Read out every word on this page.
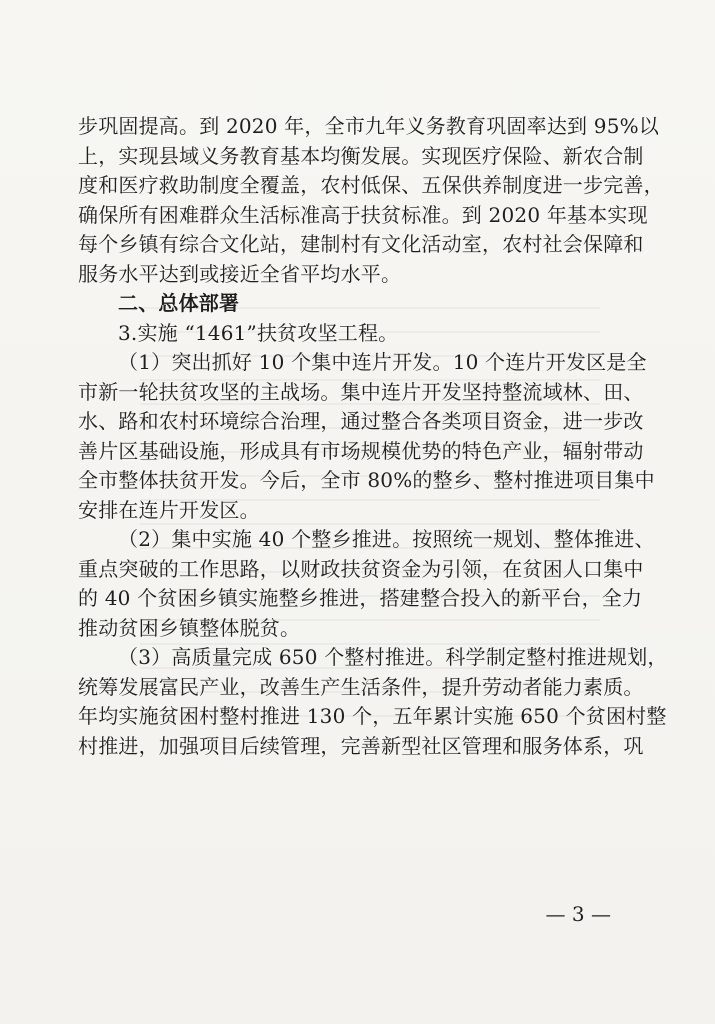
步巩固提高。到 2020 年，全市九年义务教育巩固率达到 95%以
上，实现县域义务教育基本均衡发展。实现医疗保险、新农合制
度和医疗救助制度全覆盖，农村低保、五保供养制度进一步完善，
确保所有困难群众生活标准高于扶贫标准。到 2020 年基本实现
每个乡镇有综合文化站，建制村有文化活动室，农村社会保障和
服务水平达到或接近全省平均水平。
二、总体部署
3.实施 “1461”扶贫攻坚工程。
（1）突出抓好 10 个集中连片开发。10 个连片开发区是全
市新一轮扶贫攻坚的主战场。集中连片开发坚持整流域林、田、
水、路和农村环境综合治理，通过整合各类项目资金，进一步改
善片区基础设施，形成具有市场规模优势的特色产业，辐射带动
全市整体扶贫开发。今后，全市 80%的整乡、整村推进项目集中
安排在连片开发区。
（2）集中实施 40 个整乡推进。按照统一规划、整体推进、
重点突破的工作思路，以财政扶贫资金为引领，在贫困人口集中
的 40 个贫困乡镇实施整乡推进，搭建整合投入的新平台，全力
推动贫困乡镇整体脱贫。
（3）高质量完成 650 个整村推进。科学制定整村推进规划，
统筹发展富民产业，改善生产生活条件，提升劳动者能力素质。
年均实施贫困村整村推进 130 个，五年累计实施 650 个贫困村整
村推进，加强项目后续管理，完善新型社区管理和服务体系，巩
— 3 —
